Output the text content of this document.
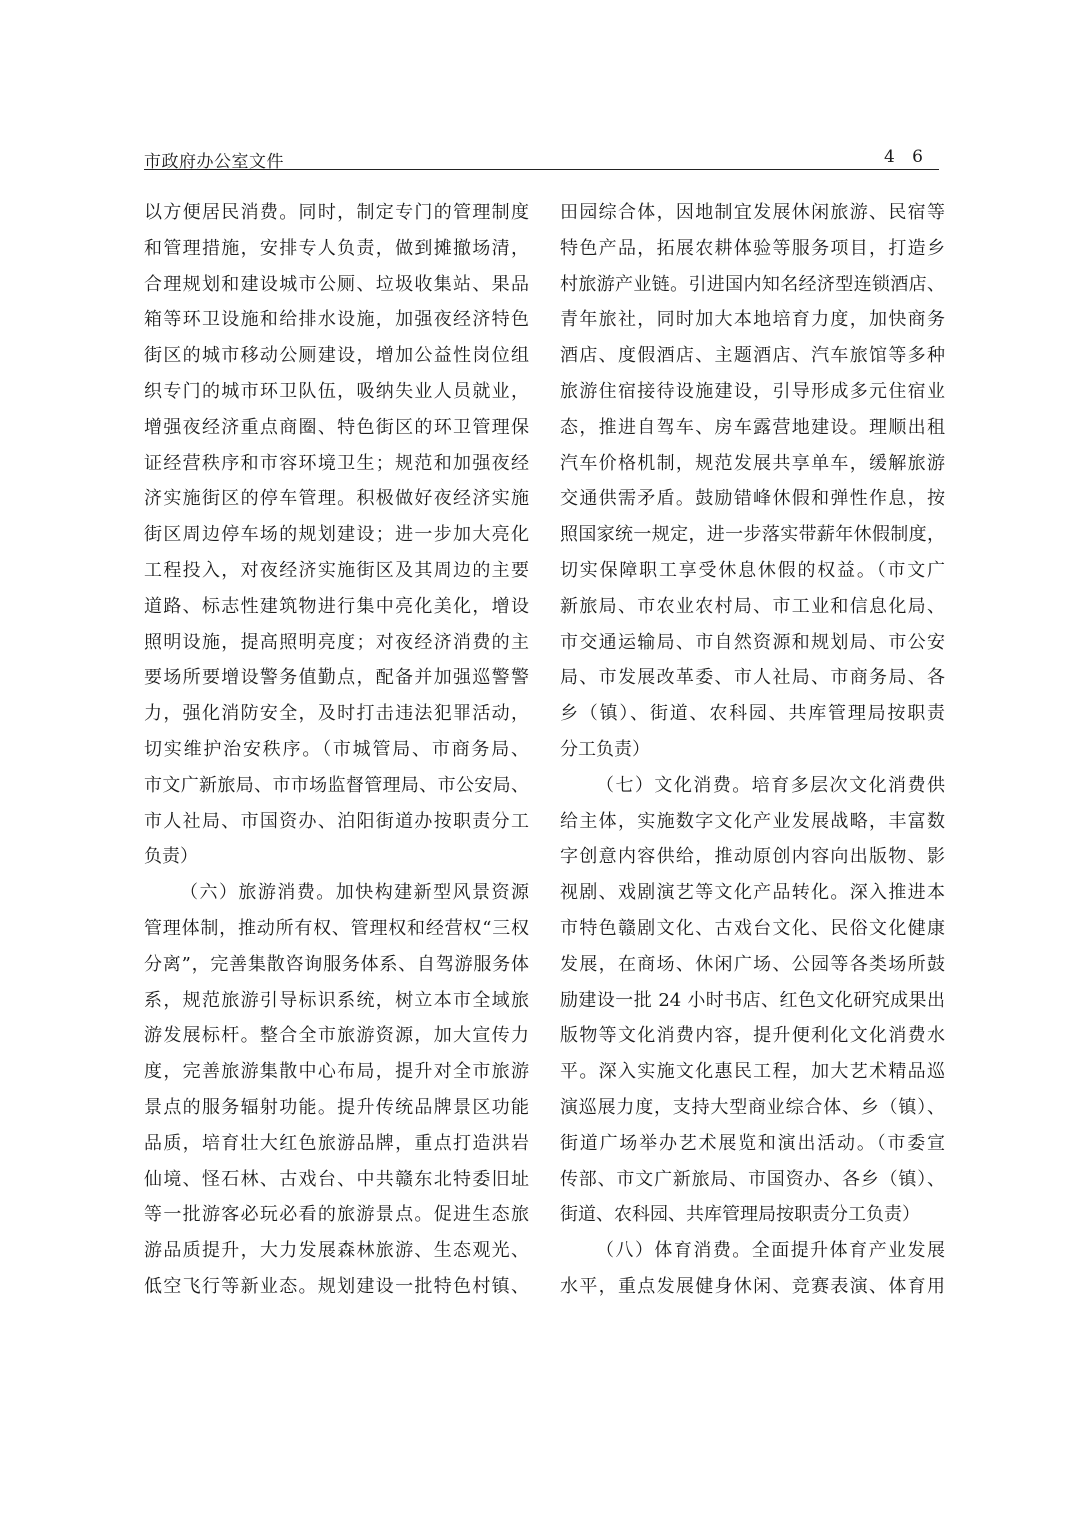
市政府办公室文件	4 6
以方便居民消费。同时，制定专门的管理制度
和管理措施，安排专人负责，做到摊撤场清，
合理规划和建设城市公厕、垃圾收集站、果品
箱等环卫设施和给排水设施，加强夜经济特色
街区的城市移动公厕建设，增加公益性岗位组
织专门的城市环卫队伍，吸纳失业人员就业，
增强夜经济重点商圈、特色街区的环卫管理保
证经营秩序和市容环境卫生；规范和加强夜经
济实施街区的停车管理。积极做好夜经济实施
街区周边停车场的规划建设；进一步加大亮化
工程投入，对夜经济实施街区及其周边的主要
道路、标志性建筑物进行集中亮化美化，增设
照明设施，提高照明亮度；对夜经济消费的主
要场所要增设警务值勤点，配备并加强巡警警
力，强化消防安全，及时打击违法犯罪活动，
切实维护治安秩序。（市城管局、市商务局、
市文广新旅局、市市场监督管理局、市公安局、
市人社局、市国资办、泊阳街道办按职责分工
负责）
（六）旅游消费。加快构建新型风景资源
管理体制，推动所有权、管理权和经营权“三权
分离”，完善集散咨询服务体系、自驾游服务体
系，规范旅游引导标识系统，树立本市全域旅
游发展标杆。整合全市旅游资源，加大宣传力
度，完善旅游集散中心布局，提升对全市旅游
景点的服务辐射功能。提升传统品牌景区功能
品质，培育壮大红色旅游品牌，重点打造洪岩
仙境、怪石林、古戏台、中共赣东北特委旧址
等一批游客必玩必看的旅游景点。促进生态旅
游品质提升，大力发展森林旅游、生态观光、
低空飞行等新业态。规划建设一批特色村镇、
田园综合体，因地制宜发展休闲旅游、民宿等
特色产品，拓展农耕体验等服务项目，打造乡
村旅游产业链。引进国内知名经济型连锁酒店、
青年旅社，同时加大本地培育力度，加快商务
酒店、度假酒店、主题酒店、汽车旅馆等多种
旅游住宿接待设施建设，引导形成多元住宿业
态，推进自驾车、房车露营地建设。理顺出租
汽车价格机制，规范发展共享单车，缓解旅游
交通供需矛盾。鼓励错峰休假和弹性作息，按
照国家统一规定，进一步落实带薪年休假制度，
切实保障职工享受休息休假的权益。（市文广
新旅局、市农业农村局、市工业和信息化局、
市交通运输局、市自然资源和规划局、市公安
局、市发展改革委、市人社局、市商务局、各
乡（镇）、街道、农科园、共库管理局按职责
分工负责）
（七）文化消费。培育多层次文化消费供
给主体，实施数字文化产业发展战略，丰富数
字创意内容供给，推动原创内容向出版物、影
视剧、戏剧演艺等文化产品转化。深入推进本
市特色赣剧文化、古戏台文化、民俗文化健康
发展，在商场、休闲广场、公园等各类场所鼓
励建设一批 24 小时书店、红色文化研究成果出
版物等文化消费内容，提升便利化文化消费水
平。深入实施文化惠民工程，加大艺术精品巡
演巡展力度，支持大型商业综合体、乡（镇）、
街道广场举办艺术展览和演出活动。（市委宣
传部、市文广新旅局、市国资办、各乡（镇）、
街道、农科园、共库管理局按职责分工负责）
（八）体育消费。全面提升体育产业发展
水平，重点发展健身休闲、竞赛表演、体育用
